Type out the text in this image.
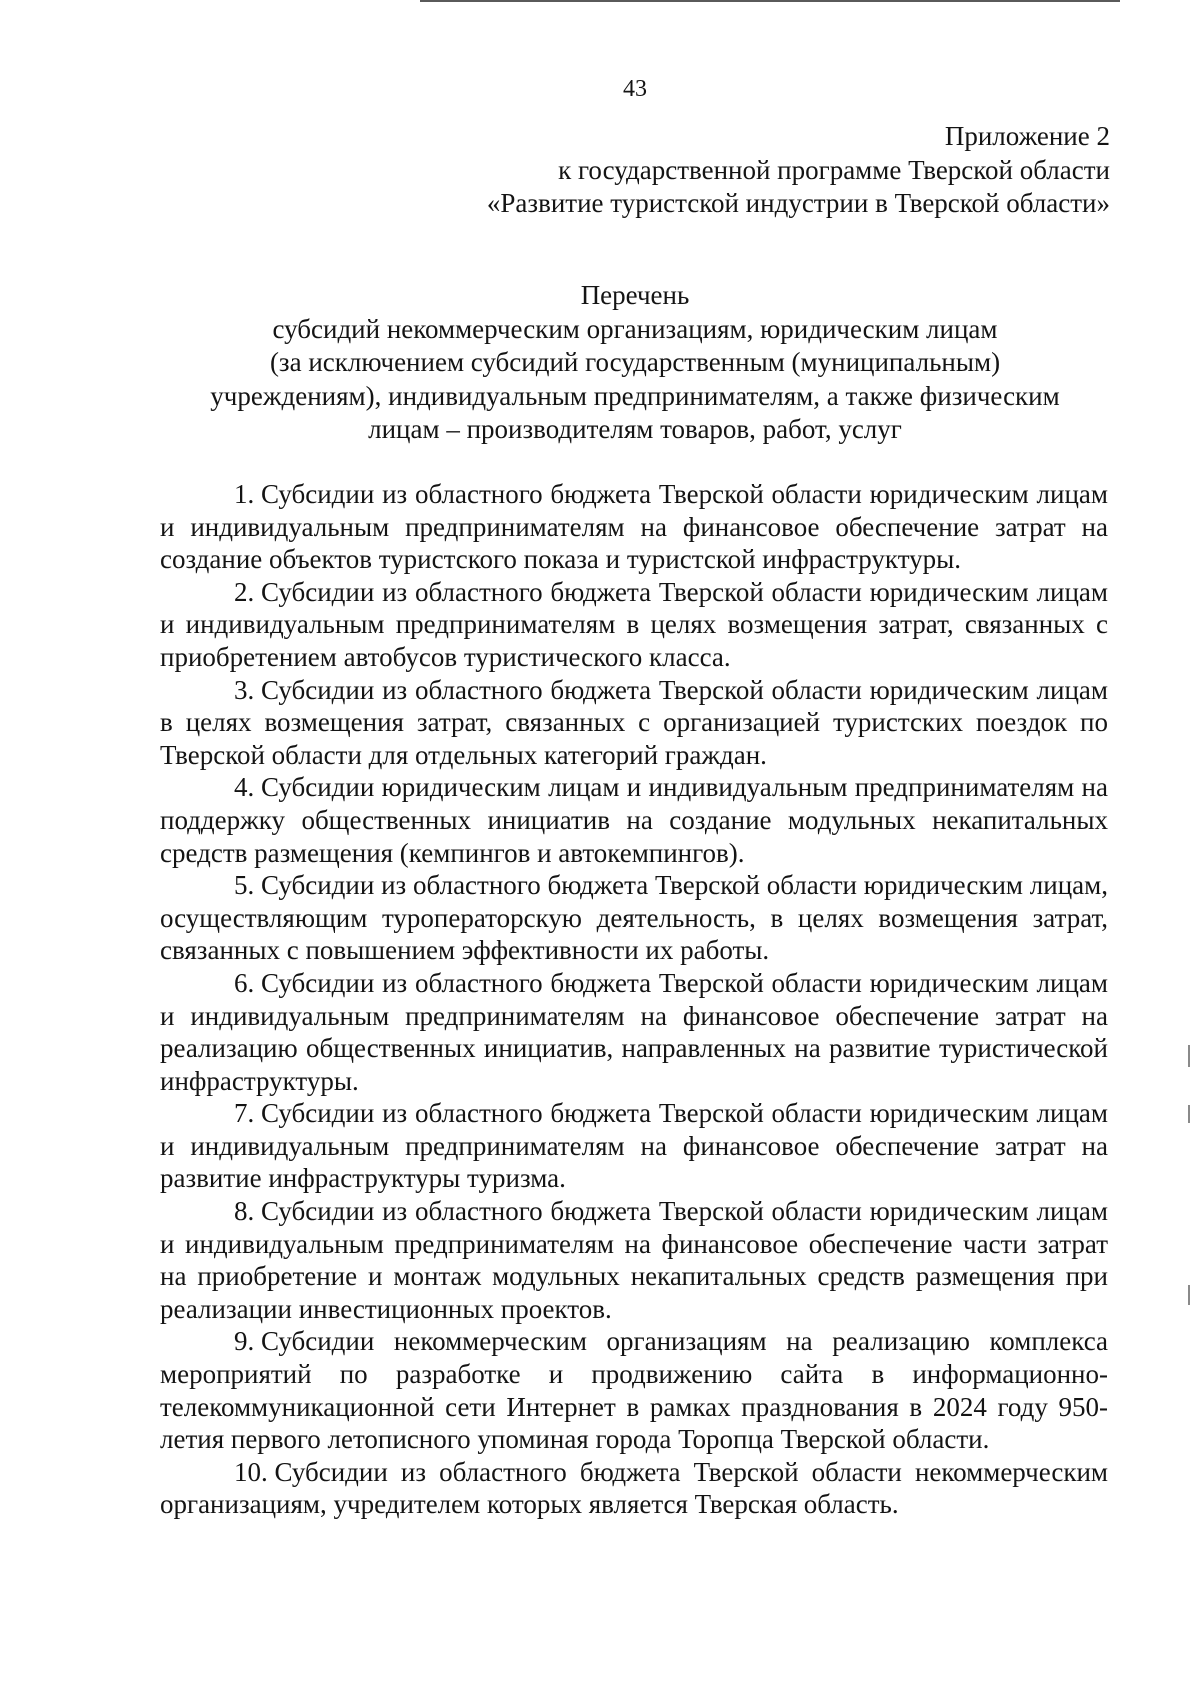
43
Приложение 2
к государственной программе Тверской области
«Развитие туристской индустрии в Тверской области»
Перечень
субсидий некоммерческим организациям, юридическим лицам
(за исключением субсидий государственным (муниципальным)
учреждениям), индивидуальным предпринимателям, а также физическим
лицам – производителям товаров, работ, услуг

1. Субсидии из областного бюджета Тверской области юридическим лицам и индивидуальным предпринимателям на финансовое обеспечение затрат на создание объектов туристского показа и туристской инфраструктуры.

2. Субсидии из областного бюджета Тверской области юридическим лицам и индивидуальным предпринимателям в целях возмещения затрат, связанных с приобретением автобусов туристического класса.

3. Субсидии из областного бюджета Тверской области юридическим лицам в целях возмещения затрат, связанных с организацией туристских поездок по Тверской области для отдельных категорий граждан.

4. Субсидии юридическим лицам и индивидуальным предпринимателям на поддержку общественных инициатив на создание модульных некапитальных средств размещения (кемпингов и автокемпингов).

5. Субсидии из областного бюджета Тверской области юридическим лицам, осуществляющим туроператорскую деятельность, в целях возмещения затрат, связанных с повышением эффективности их работы.

6. Субсидии из областного бюджета Тверской области юридическим лицам и индивидуальным предпринимателям на финансовое обеспечение затрат на реализацию общественных инициатив, направленных на развитие туристической инфраструктуры.

7. Субсидии из областного бюджета Тверской области юридическим лицам и индивидуальным предпринимателям на финансовое обеспечение затрат на развитие инфраструктуры туризма.

8. Субсидии из областного бюджета Тверской области юридическим лицам и индивидуальным предпринимателям на финансовое обеспечение части затрат на приобретение и монтаж модульных некапитальных средств размещения при реализации инвестиционных проектов.

9. Субсидии некоммерческим организациям на реализацию комплекса мероприятий по разработке и продвижению сайта в информационно-телекоммуникационной сети Интернет в рамках празднования в 2024 году 950-летия первого летописного упоминая города Торопца Тверской области.

10. Субсидии из областного бюджета Тверской области некоммерческим организациям, учредителем которых является Тверская область.
